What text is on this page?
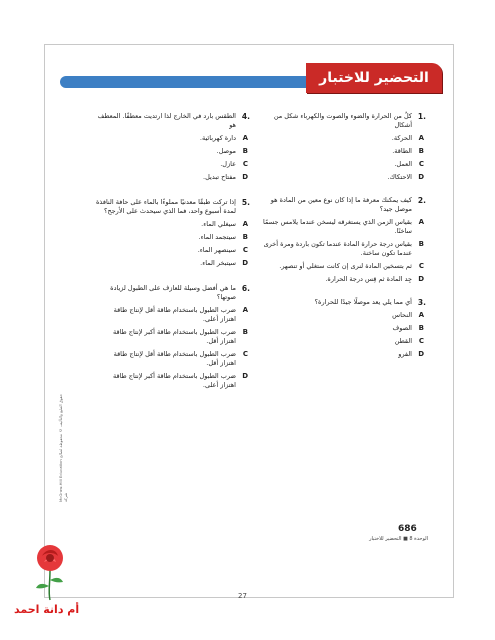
التحضير للاختبار
1.

كلٌ من الحرارة والضوء والصوت والكهرباء شكل من أشكال

A
الحركة.
B
الطاقة.
C
العمل.
D
الاحتكاك.
2.

كيف يمكنك معرفة ما إذا كان نوع معين من المادة هو موصل جيد؟

A
بقياس الزمن الذي يستغرقه ليسخن عندما يلامس جسمًا ساخنًا.
B
بقياس درجة حرارة المادة عندما تكون باردة ومرة أخرى عندما تكون ساخنة.
C
ثم بتسخين المادة لنرى إن كانت ستغلي أو تنصهر.
D
جِد المادة ثم قِس درجة الحرارة.
3.

أي مما يلي يعد موصلًا جيدًا للحرارة؟

A
النحاس
B
الصوف
C
القطن
D
الفرو
4.

الطقس بارد في الخارج لذا ارتديت معطفًا. المعطف هو

A
دارة كهربائية.
B
موصل.
C
عازل.
D
مفتاح تبديل.
5.

إذا تركت طبقًا معدنيًا مملوءًا بالماء على حافة النافذة لمدة أسبوع واحد، فما الذي سيحدث على الأرجح؟

A
سيغلي الماء.
B
سيتجمد الماء.
C
سينصهر الماء.
D
سيتبخر الماء.
6.

ما هي أفضل وسيلة للعازف على الطبول لزيادة صوتها؟

A
ضرب الطبول باستخدام طاقة أقل لإنتاج طاقة اهتزاز أعلى.
B
ضرب الطبول باستخدام طاقة أكبر لإنتاج طاقة اهتزاز أقل.
C
ضرب الطبول باستخدام طاقة أقل لإنتاج طاقة اهتزاز أقل.
D
ضرب الطبول باستخدام طاقة أكبر لإنتاج طاقة اهتزاز أعلى.
McGraw-Hill Education حقوق الطبع والتأليف © محفوظة لصالح شركة
686
الوحدة 8 ■ التحضير للاختبار
27
أم دانة احمد
